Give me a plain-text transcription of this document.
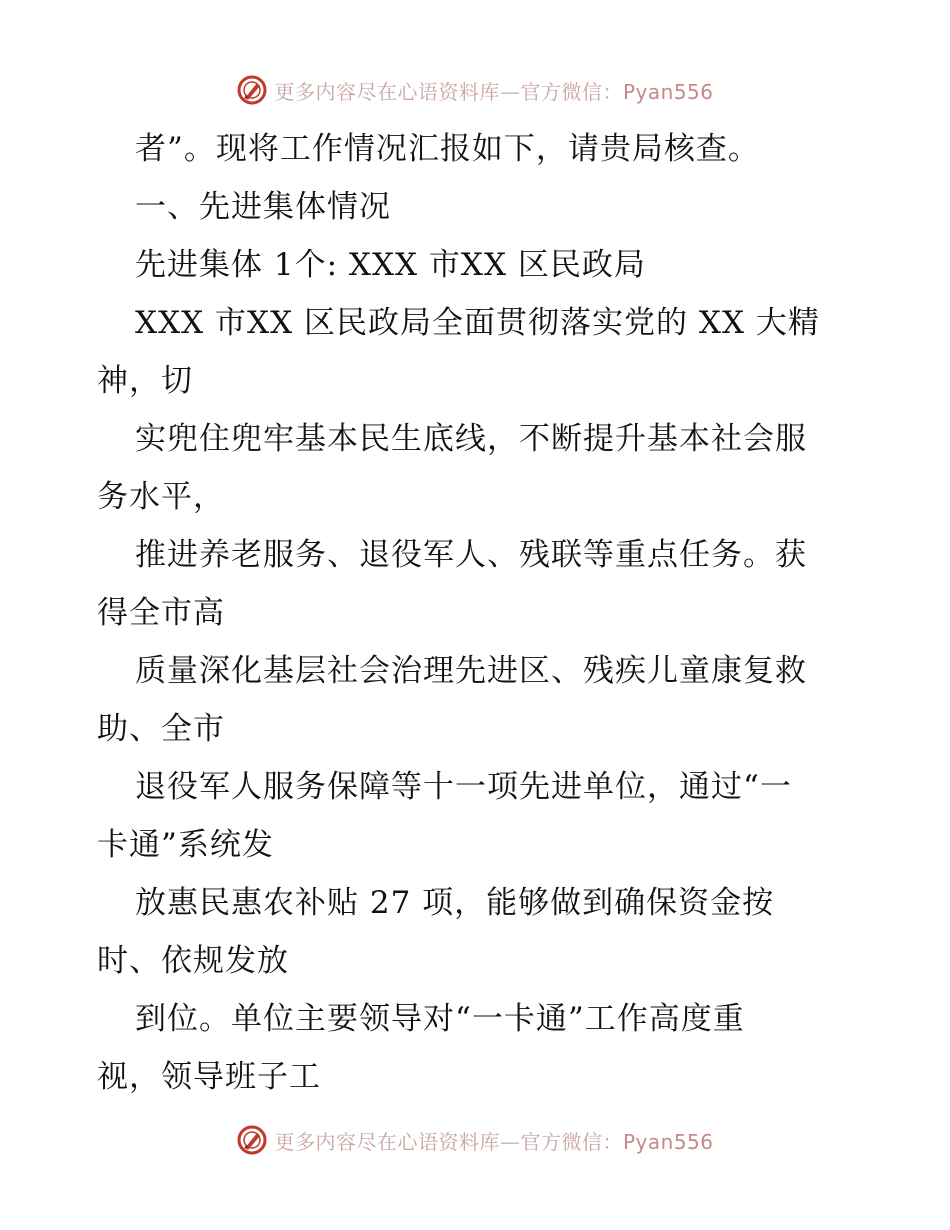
更多内容尽在心语资料库—官方微信：Pyan556
者”。现将工作情况汇报如下，请贵局核查。
一、先进集体情况
先进集体 1个: XXX 市XX 区民政局
XXX 市XX 区民政局全面贯彻落实党的 XX 大精
神，切
实兜住兜牢基本民生底线，不断提升基本社会服
务水平，
推进养老服务、退役军人、残联等重点任务。获
得全市高
质量深化基层社会治理先进区、残疾儿童康复救
助、全市
退役军人服务保障等十一项先进单位，通过“一
卡通”系统发
放惠民惠农补贴 27 项，能够做到确保资金按
时、依规发放
到位。单位主要领导对“一卡通”工作高度重
视，领导班子工
更多内容尽在心语资料库—官方微信：Pyan556
